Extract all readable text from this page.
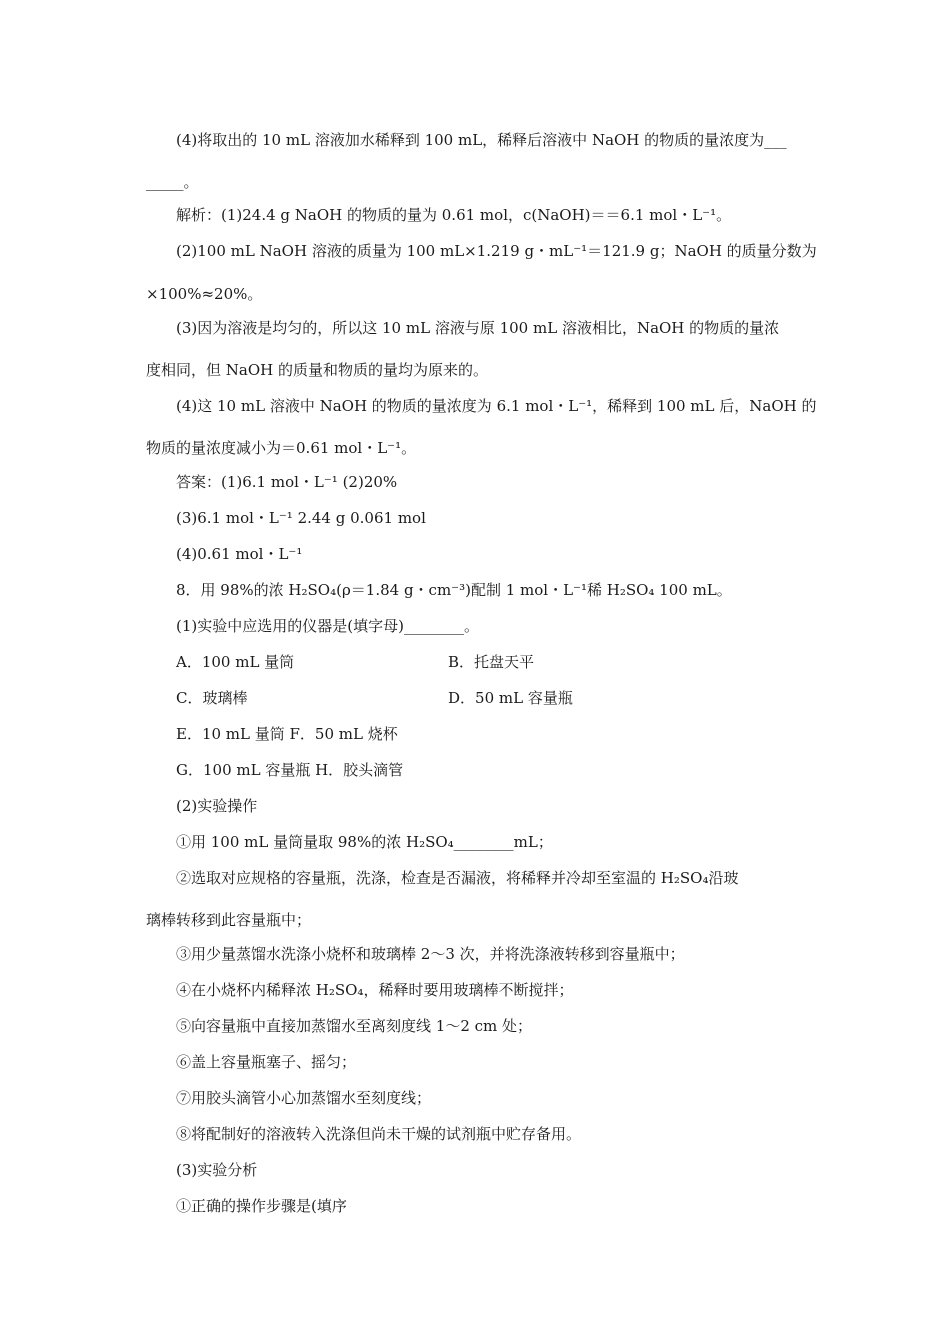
(4)将取出的 10 mL 溶液加水稀释到 100 mL，稀释后溶液中 NaOH 的物质的量浓度为___
_____。
解析：(1)24.4 g NaOH 的物质的量为 0.61 mol，c(NaOH)＝＝6.1 mol・L⁻¹。
(2)100 mL NaOH 溶液的质量为 100 mL×1.219 g・mL⁻¹＝121.9 g；NaOH 的质量分数为
×100%≈20%。
(3)因为溶液是均匀的，所以这 10 mL 溶液与原 100 mL 溶液相比，NaOH 的物质的量浓
度相同，但 NaOH 的质量和物质的量均为原来的。
(4)这 10 mL 溶液中 NaOH 的物质的量浓度为 6.1 mol・L⁻¹，稀释到 100 mL 后，NaOH 的
物质的量浓度减小为＝0.61 mol・L⁻¹。
答案：(1)6.1 mol・L⁻¹ (2)20%
(3)6.1 mol・L⁻¹ 2.44 g 0.061 mol
(4)0.61 mol・L⁻¹
8．用 98%的浓 H₂SO₄(ρ＝1.84 g・cm⁻³)配制 1 mol・L⁻¹稀 H₂SO₄ 100 mL。
(1)实验中应选用的仪器是(填字母)________。
A．100 mL 量筒	B．托盘天平
C．玻璃棒	D．50 mL 容量瓶
E．10 mL 量筒 F．50 mL 烧杯
G．100 mL 容量瓶 H．胶头滴管
(2)实验操作
①用 100 mL 量筒量取 98%的浓 H₂SO₄________mL；
②选取对应规格的容量瓶，洗涤，检查是否漏液，将稀释并冷却至室温的 H₂SO₄沿玻
璃棒转移到此容量瓶中；
③用少量蒸馏水洗涤小烧杯和玻璃棒 2～3 次，并将洗涤液转移到容量瓶中；
④在小烧杯内稀释浓 H₂SO₄，稀释时要用玻璃棒不断搅拌；
⑤向容量瓶中直接加蒸馏水至离刻度线 1～2 cm 处；
⑥盖上容量瓶塞子、摇匀；
⑦用胶头滴管小心加蒸馏水至刻度线；
⑧将配制好的溶液转入洗涤但尚未干燥的试剂瓶中贮存备用。
(3)实验分析
①正确的操作步骤是(填序
